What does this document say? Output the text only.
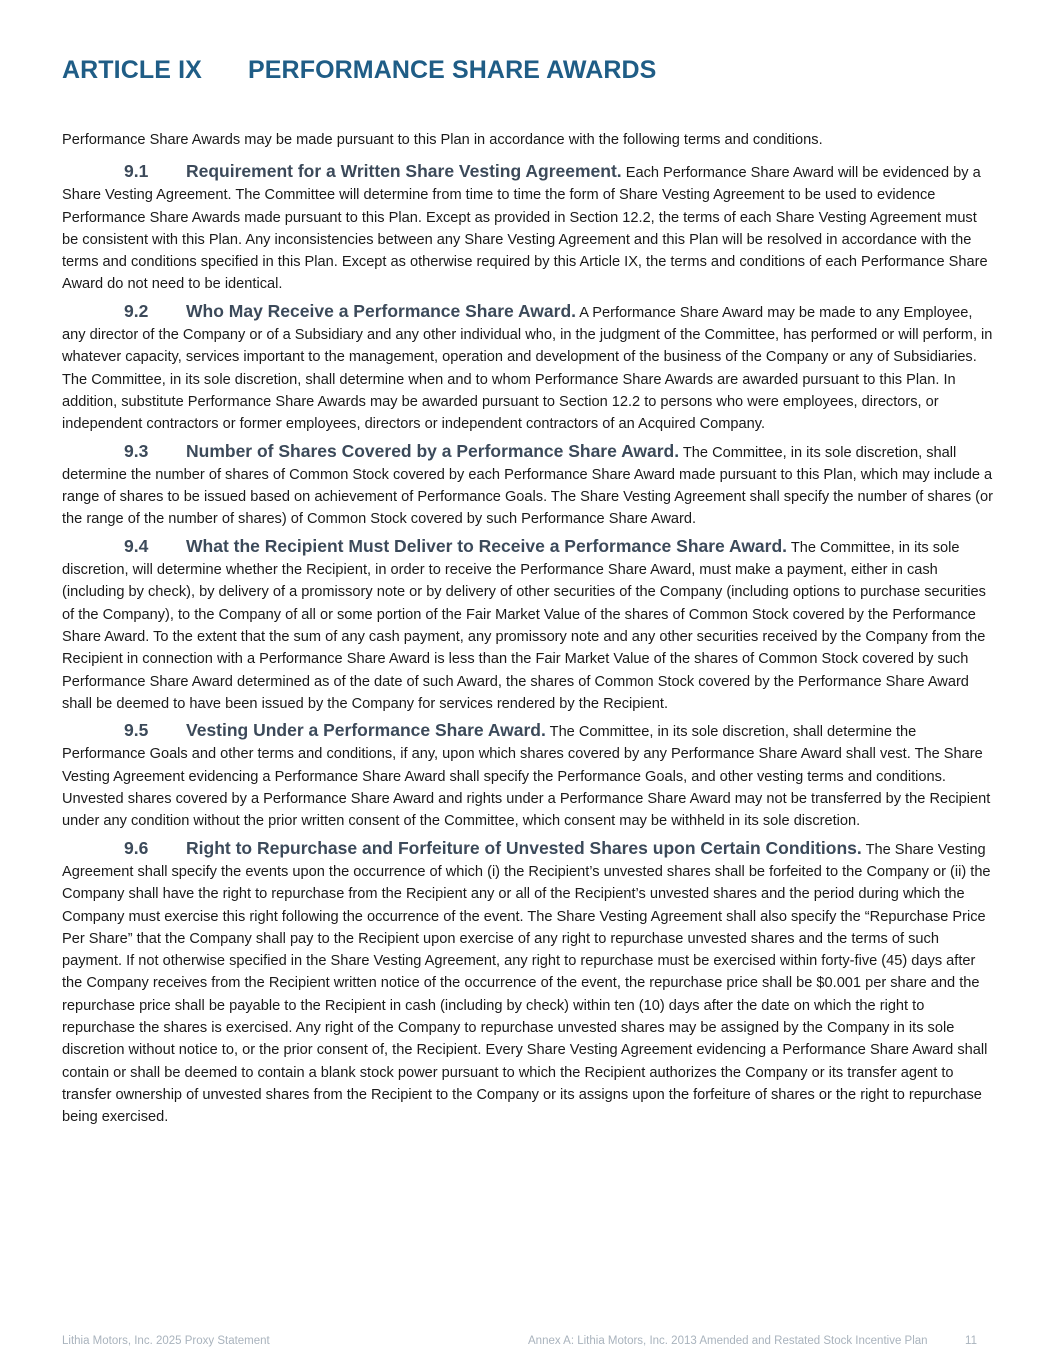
ARTICLE IX PERFORMANCE SHARE AWARDS

Performance Share Awards may be made pursuant to this Plan in accordance with the following terms and conditions.

9.1 Requirement for a Written Share Vesting Agreement. Each Performance Share Award will be evidenced by a Share Vesting Agreement. The Committee will determine from time to time the form of Share Vesting Agreement to be used to evidence Performance Share Awards made pursuant to this Plan. Except as provided in Section 12.2, the terms of each Share Vesting Agreement must be consistent with this Plan. Any inconsistencies between any Share Vesting Agreement and this Plan will be resolved in accordance with the terms and conditions specified in this Plan. Except as otherwise required by this Article IX, the terms and conditions of each Performance Share Award do not need to be identical.

9.2 Who May Receive a Performance Share Award. A Performance Share Award may be made to any Employee, any director of the Company or of a Subsidiary and any other individual who, in the judgment of the Committee, has performed or will perform, in whatever capacity, services important to the management, operation and development of the business of the Company or any of Subsidiaries. The Committee, in its sole discretion, shall determine when and to whom Performance Share Awards are awarded pursuant to this Plan. In addition, substitute Performance Share Awards may be awarded pursuant to Section 12.2 to persons who were employees, directors, or independent contractors or former employees, directors or independent contractors of an Acquired Company.

9.3 Number of Shares Covered by a Performance Share Award. The Committee, in its sole discretion, shall determine the number of shares of Common Stock covered by each Performance Share Award made pursuant to this Plan, which may include a range of shares to be issued based on achievement of Performance Goals. The Share Vesting Agreement shall specify the number of shares (or the range of the number of shares) of Common Stock covered by such Performance Share Award.

9.4 What the Recipient Must Deliver to Receive a Performance Share Award. The Committee, in its sole discretion, will determine whether the Recipient, in order to receive the Performance Share Award, must make a payment, either in cash (including by check), by delivery of a promissory note or by delivery of other securities of the Company (including options to purchase securities of the Company), to the Company of all or some portion of the Fair Market Value of the shares of Common Stock covered by the Performance Share Award. To the extent that the sum of any cash payment, any promissory note and any other securities received by the Company from the Recipient in connection with a Performance Share Award is less than the Fair Market Value of the shares of Common Stock covered by such Performance Share Award determined as of the date of such Award, the shares of Common Stock covered by the Performance Share Award shall be deemed to have been issued by the Company for services rendered by the Recipient.

9.5 Vesting Under a Performance Share Award. The Committee, in its sole discretion, shall determine the Performance Goals and other terms and conditions, if any, upon which shares covered by any Performance Share Award shall vest. The Share Vesting Agreement evidencing a Performance Share Award shall specify the Performance Goals, and other vesting terms and conditions. Unvested shares covered by a Performance Share Award and rights under a Performance Share Award may not be transferred by the Recipient under any condition without the prior written consent of the Committee, which consent may be withheld in its sole discretion.

9.6 Right to Repurchase and Forfeiture of Unvested Shares upon Certain Conditions. The Share Vesting Agreement shall specify the events upon the occurrence of which (i) the Recipient’s unvested shares shall be forfeited to the Company or (ii) the Company shall have the right to repurchase from the Recipient any or all of the Recipient’s unvested shares and the period during which the Company must exercise this right following the occurrence of the event. The Share Vesting Agreement shall also specify the “Repurchase Price Per Share” that the Company shall pay to the Recipient upon exercise of any right to repurchase unvested shares and the terms of such payment. If not otherwise specified in the Share Vesting Agreement, any right to repurchase must be exercised within forty-five (45) days after the Company receives from the Recipient written notice of the occurrence of the event, the repurchase price shall be $0.001 per share and the repurchase price shall be payable to the Recipient in cash (including by check) within ten (10) days after the date on which the right to repurchase the shares is exercised. Any right of the Company to repurchase unvested shares may be assigned by the Company in its sole discretion without notice to, or the prior consent of, the Recipient. Every Share Vesting Agreement evidencing a Performance Share Award shall contain or shall be deemed to contain a blank stock power pursuant to which the Recipient authorizes the Company or its transfer agent to transfer ownership of unvested shares from the Recipient to the Company or its assigns upon the forfeiture of shares or the right to repurchase being exercised.

Lithia Motors, Inc. 2025 Proxy Statement	Annex A: Lithia Motors, Inc. 2013 Amended and Restated Stock Incentive Plan	11
